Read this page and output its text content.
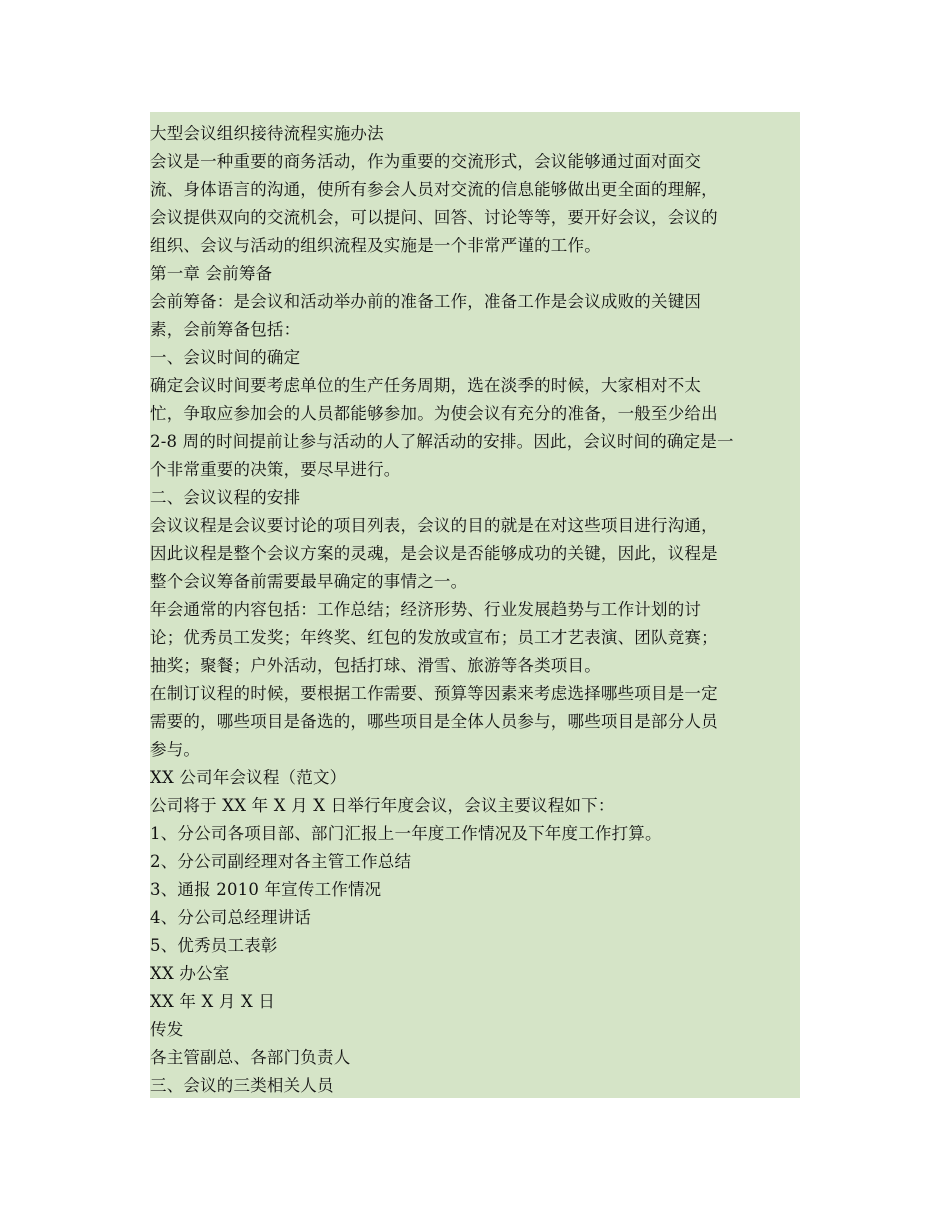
大型会议组织接待流程实施办法
会议是一种重要的商务活动，作为重要的交流形式，会议能够通过面对面交
流、身体语言的沟通，使所有参会人员对交流的信息能够做出更全面的理解，
会议提供双向的交流机会，可以提问、回答、讨论等等，要开好会议，会议的
组织、会议与活动的组织流程及实施是一个非常严谨的工作。
第一章 会前筹备
会前筹备：是会议和活动举办前的准备工作，准备工作是会议成败的关键因
素，会前筹备包括：
一、会议时间的确定
确定会议时间要考虑单位的生产任务周期，选在淡季的时候，大家相对不太
忙，争取应参加会的人员都能够参加。为使会议有充分的准备，一般至少给出
2-8 周的时间提前让参与活动的人了解活动的安排。因此，会议时间的确定是一
个非常重要的决策，要尽早进行。
二、会议议程的安排
会议议程是会议要讨论的项目列表，会议的目的就是在对这些项目进行沟通，
因此议程是整个会议方案的灵魂，是会议是否能够成功的关键，因此，议程是
整个会议筹备前需要最早确定的事情之一。
年会通常的内容包括：工作总结；经济形势、行业发展趋势与工作计划的讨
论；优秀员工发奖；年终奖、红包的发放或宣布；员工才艺表演、团队竞赛；
抽奖；聚餐；户外活动，包括打球、滑雪、旅游等各类项目。
在制订议程的时候，要根据工作需要、预算等因素来考虑选择哪些项目是一定
需要的，哪些项目是备选的，哪些项目是全体人员参与，哪些项目是部分人员
参与。
XX 公司年会议程（范文）
公司将于 XX 年 X 月 X 日举行年度会议，会议主要议程如下：
1、分公司各项目部、部门汇报上一年度工作情况及下年度工作打算。
2、分公司副经理对各主管工作总结
3、通报 2010 年宣传工作情况
4、分公司总经理讲话
5、优秀员工表彰
XX 办公室
XX 年 X 月 X 日
传发
各主管副总、各部门负责人
三、会议的三类相关人员
